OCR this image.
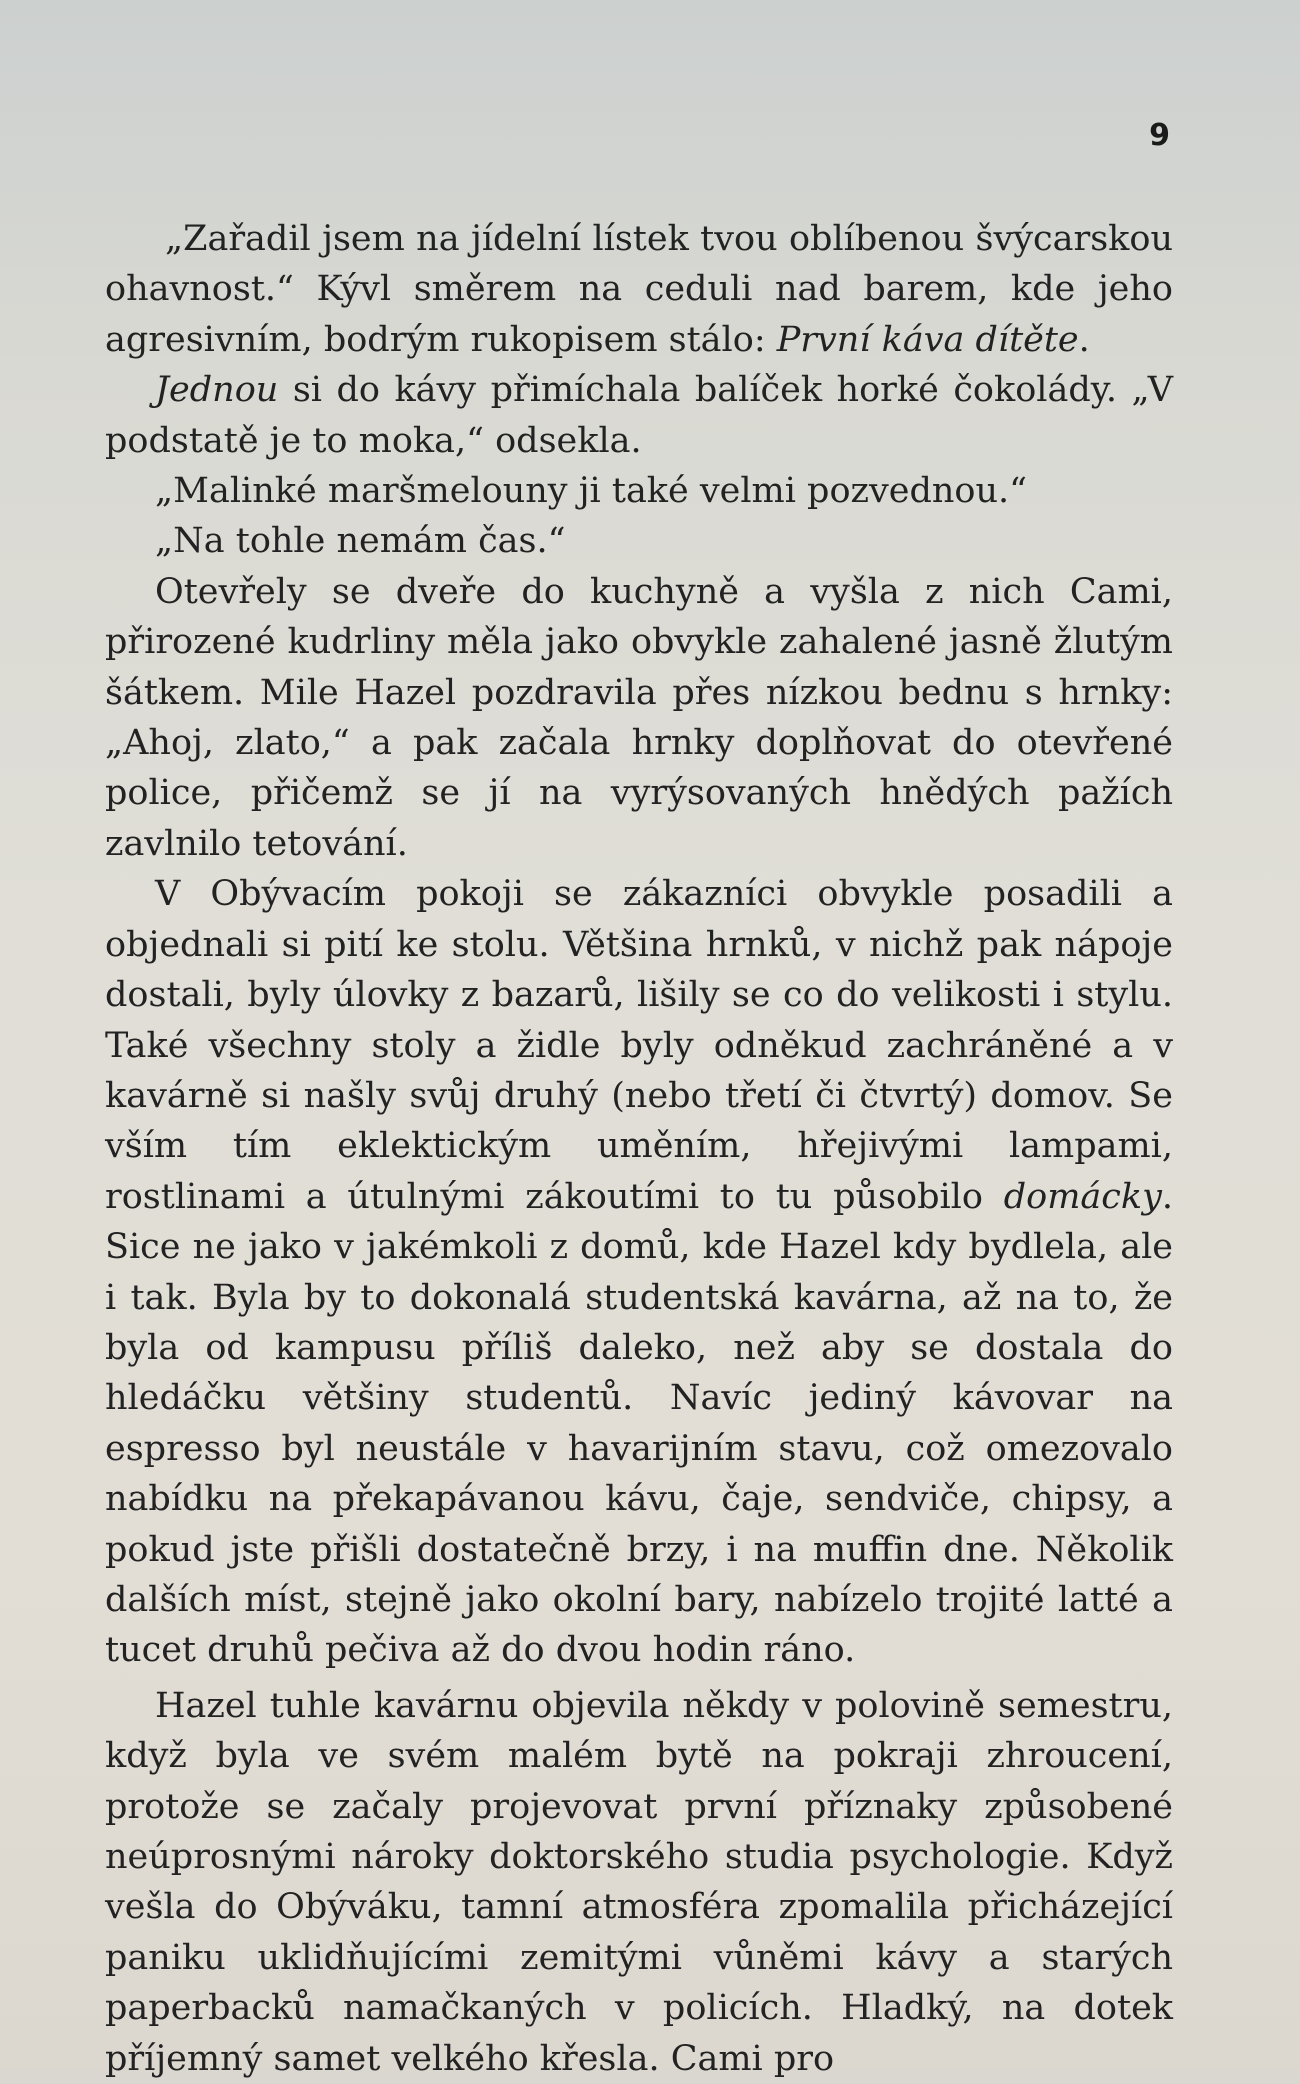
9

„Zařadil jsem na jídelní lístek tvou oblíbenou švýcarskou ohavnost.“ Kývl směrem na ceduli nad barem, kde jeho agresivním, bodrým rukopisem stálo: První káva dítěte.

Jednou si do kávy přimíchala balíček horké čokolády. „V podstatě je to moka,“ odsekla.

„Malinké maršmelouny ji také velmi pozvednou.“

„Na tohle nemám čas.“

Otevřely se dveře do kuchyně a vyšla z nich Cami, přirozené kudrliny měla jako obvykle zahalené jasně žlutým šátkem. Mile Hazel pozdravila přes nízkou bednu s hrnky: „Ahoj, zlato,“ a pak začala hrnky doplňovat do otevřené police, přičemž se jí na vyrýsovaných hnědých pažích zavlnilo tetování.

V Obývacím pokoji se zákazníci obvykle posadili a objednali si pití ke stolu. Většina hrnků, v nichž pak nápoje dostali, byly úlovky z bazarů, lišily se co do velikosti i stylu. Také všechny stoly a židle byly odněkud zachráněné a v kavárně si našly svůj druhý (nebo třetí či čtvrtý) domov. Se vším tím eklektickým uměním, hřejivými lampami, rostlinami a útulnými zákoutími to tu působilo domácky. Sice ne jako v jakémkoli z domů, kde Hazel kdy bydlela, ale i tak. Byla by to dokonalá studentská kavárna, až na to, že byla od kampusu příliš daleko, než aby se dostala do hledáčku většiny studentů. Navíc jediný kávovar na espresso byl neustále v havarijním stavu, což omezovalo nabídku na překapávanou kávu, čaje, sendviče, chipsy, a pokud jste přišli dostatečně brzy, i na muffin dne. Několik dalších míst, stejně jako okolní bary, nabízelo trojité latté a tucet druhů pečiva až do dvou hodin ráno.

Hazel tuhle kavárnu objevila někdy v polovině semestru, když byla ve svém malém bytě na pokraji zhroucení, protože se začaly projevovat první příznaky způsobené neúprosnými nároky doktorského studia psychologie. Když vešla do Obýváku, tamní atmosféra zpomalila přicházející paniku uklidňujícími zemitými vůněmi kávy a starých paperbacků namačkaných v policích. Hladký, na dotek příjemný samet velkého křesla. Cami pro
